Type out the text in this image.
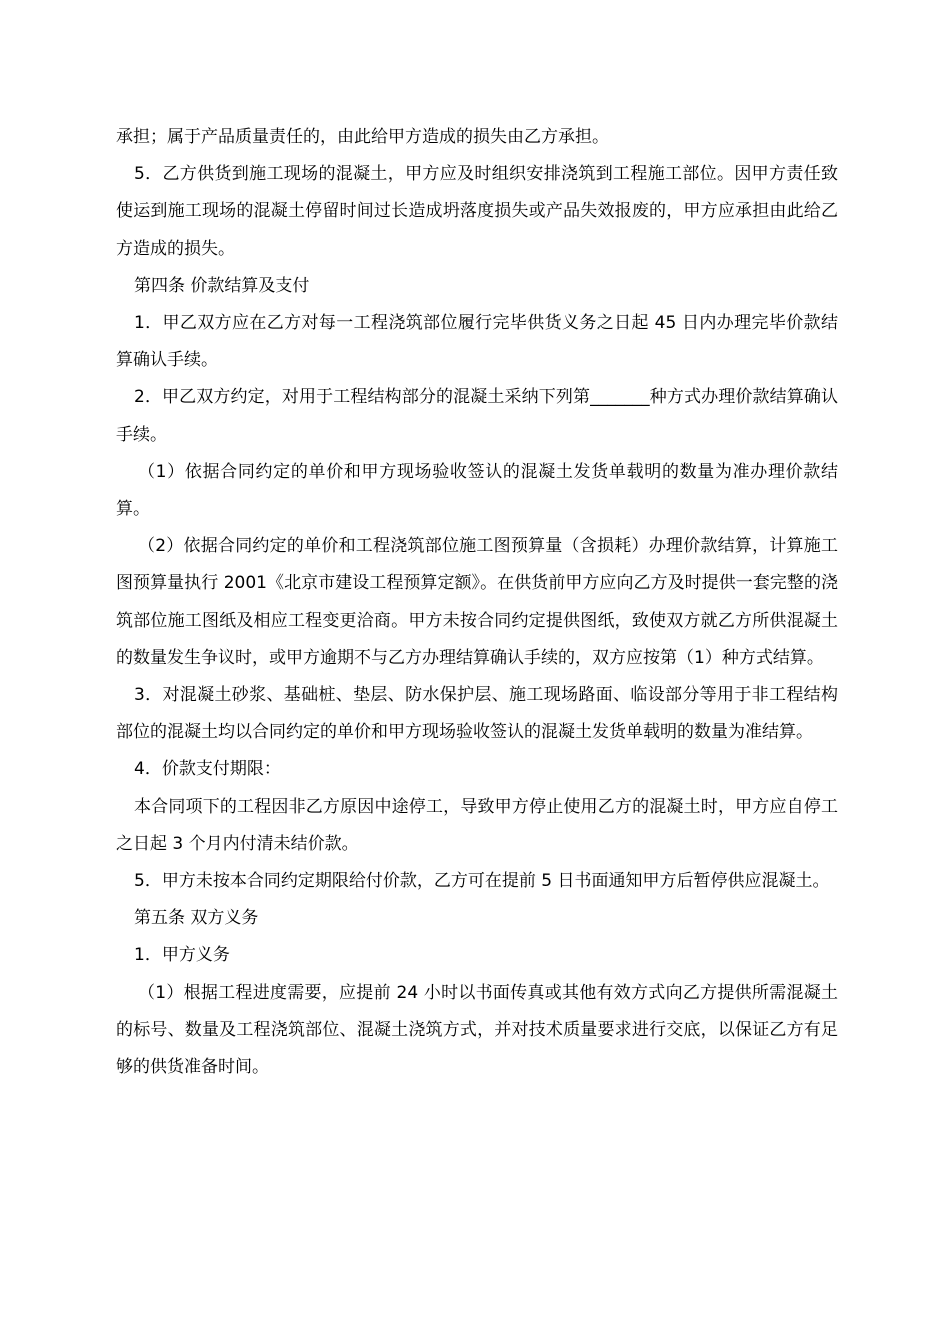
承担；属于产品质量责任的，由此给甲方造成的损失由乙方承担。

5．乙方供货到施工现场的混凝土，甲方应及时组织安排浇筑到工程施工部位。因甲方责任致使运到施工现场的混凝土停留时间过长造成坍落度损失或产品失效报废的，甲方应承担由此给乙方造成的损失。

第四条 价款结算及支付

1．甲乙双方应在乙方对每一工程浇筑部位履行完毕供货义务之日起 45 日内办理完毕价款结算确认手续。

2．甲乙双方约定，对用于工程结构部分的混凝土采纳下列第_______种方式办理价款结算确认手续。

（1）依据合同约定的单价和甲方现场验收签认的混凝土发货单载明的数量为准办理价款结算。

（2）依据合同约定的单价和工程浇筑部位施工图预算量（含损耗）办理价款结算，计算施工图预算量执行 2001《北京市建设工程预算定额》。在供货前甲方应向乙方及时提供一套完整的浇筑部位施工图纸及相应工程变更洽商。甲方未按合同约定提供图纸，致使双方就乙方所供混凝土的数量发生争议时，或甲方逾期不与乙方办理结算确认手续的，双方应按第（1）种方式结算。

3．对混凝土砂浆、基础桩、垫层、防水保护层、施工现场路面、临设部分等用于非工程结构部位的混凝土均以合同约定的单价和甲方现场验收签认的混凝土发货单载明的数量为准结算。

4．价款支付期限：

本合同项下的工程因非乙方原因中途停工，导致甲方停止使用乙方的混凝土时，甲方应自停工之日起 3 个月内付清未结价款。

5．甲方未按本合同约定期限给付价款，乙方可在提前 5 日书面通知甲方后暂停供应混凝土。

第五条 双方义务

1．甲方义务

（1）根据工程进度需要，应提前 24 小时以书面传真或其他有效方式向乙方提供所需混凝土的标号、数量及工程浇筑部位、混凝土浇筑方式，并对技术质量要求进行交底，以保证乙方有足够的供货准备时间。
